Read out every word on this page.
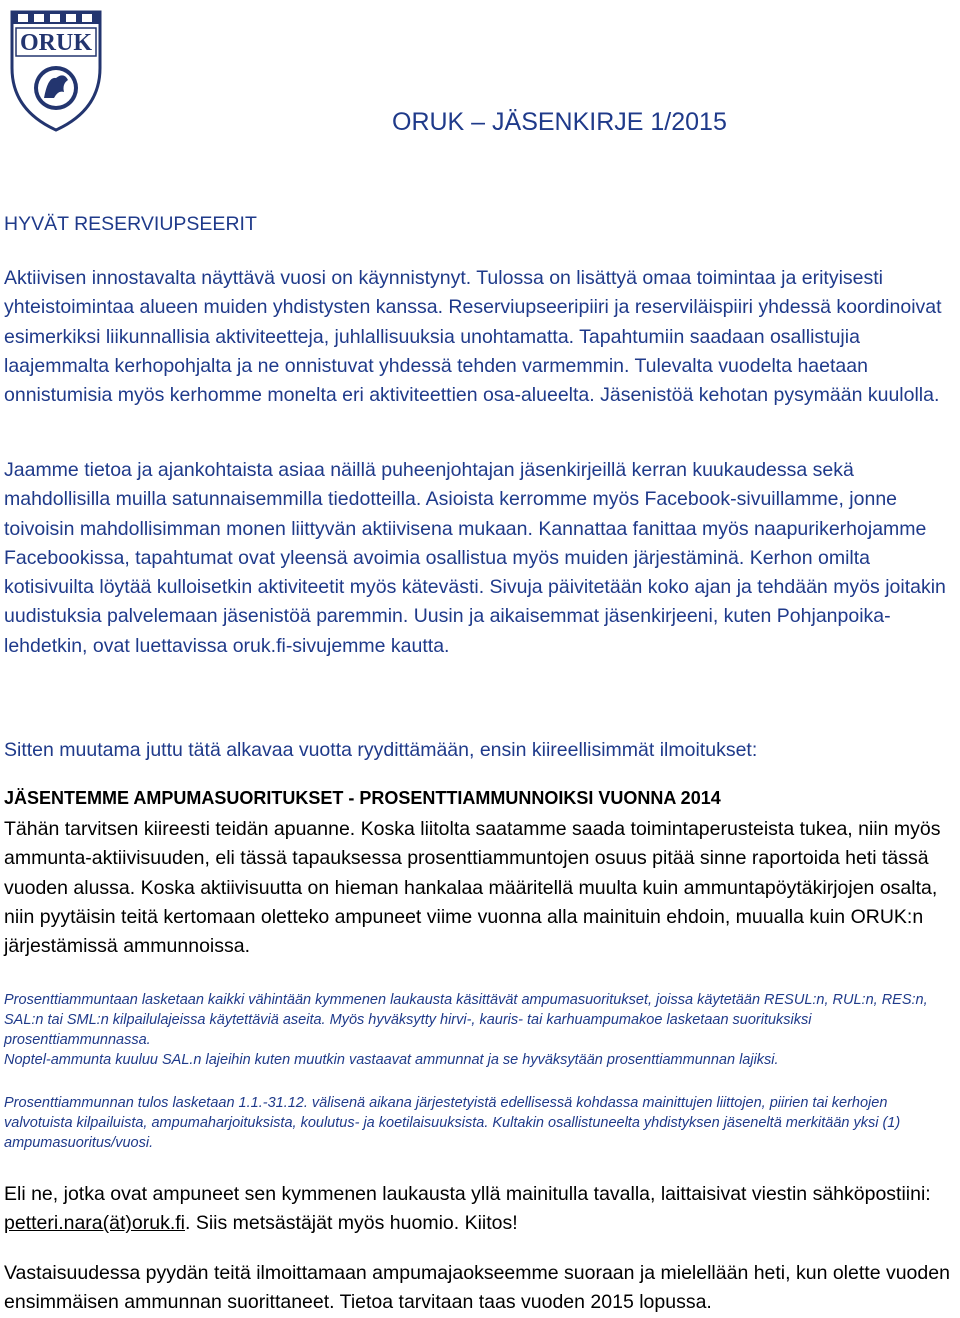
ORUK
ORUK – JÄSENKIRJE 1/2015
HYVÄT RESERVIUPSEERIT

Aktiivisen innostavalta näyttävä vuosi on käynnistynyt. Tulossa on lisättyä omaa toimintaa ja erityisesti yhteistoimintaa alueen muiden yhdistysten kanssa. Reserviupseeripiiri ja reserviläispiiri yhdessä koordinoivat esimerkiksi liikunnallisia aktiviteetteja, juhlallisuuksia unohtamatta. Tapahtumiin saadaan osallistujia laajemmalta kerhopohjalta ja ne onnistuvat yhdessä tehden varmemmin. Tulevalta vuodelta haetaan onnistumisia myös kerhomme monelta eri aktiviteettien osa-alueelta. Jäsenistöä kehotan pysymään kuulolla.

Jaamme tietoa ja ajankohtaista asiaa näillä puheenjohtajan jäsenkirjeillä kerran kuukaudessa sekä mahdollisilla muilla satunnaisemmilla tiedotteilla. Asioista kerromme myös Facebook-sivuillamme, jonne toivoisin mahdollisimman monen liittyvän aktiivisena mukaan. Kannattaa fanittaa myös naapurikerhojamme Facebookissa, tapahtumat ovat yleensä avoimia osallistua myös muiden järjestäminä. Kerhon omilta kotisivuilta löytää kulloisetkin aktiviteetit myös kätevästi. Sivuja päivitetään koko ajan ja tehdään myös joitakin uudistuksia palvelemaan jäsenistöä paremmin. Uusin ja aikaisemmat jäsenkirjeeni, kuten Pohjanpoika-lehdetkin, ovat luettavissa oruk.fi-sivujemme kautta.

Sitten muutama juttu tätä alkavaa vuotta ryydittämään, ensin kiireellisimmät ilmoitukset:

JÄSENTEMME AMPUMASUORITUKSET - PROSENTTIAMMUNNOIKSI VUONNA 2014

Tähän tarvitsen kiireesti teidän apuanne. Koska liitolta saatamme saada toimintaperusteista tukea, niin myös ammunta-aktiivisuuden, eli tässä tapauksessa prosenttiammuntojen osuus pitää sinne raportoida heti tässä vuoden alussa. Koska aktiivisuutta on hieman hankalaa määritellä muulta kuin ammuntapöytäkirjojen osalta, niin pyytäisin teitä kertomaan oletteko ampuneet viime vuonna alla mainituin ehdoin, muualla kuin ORUK:n järjestämissä ammunnoissa.

Prosenttiammuntaan lasketaan kaikki vähintään kymmenen laukausta käsittävät ampumasuoritukset, joissa käytetään RESUL:n, RUL:n, RES:n, SAL:n tai SML:n kilpailulajeissa käytettäviä aseita. Myös hyväksytty hirvi-, kauris- tai karhuampumakoe lasketaan suorituksiksi prosenttiammunnassa.
Noptel-ammunta kuuluu SAL.n lajeihin kuten muutkin vastaavat ammunnat ja se hyväksytään prosenttiammunnan lajiksi.
Prosenttiammunnan tulos lasketaan 1.1.-31.12. välisenä aikana järjestetyistä edellisessä kohdassa mainittujen liittojen, piirien tai kerhojen valvotuista kilpailuista, ampumaharjoituksista, koulutus- ja koetilaisuuksista. Kultakin osallistuneelta yhdistyksen jäseneltä merkitään yksi (1) ampumasuoritus/vuosi.

Eli ne, jotka ovat ampuneet sen kymmenen laukausta yllä mainitulla tavalla, laittaisivat viestin sähköpostiini: petteri.nara(ät)oruk.fi. Siis metsästäjät myös huomio. Kiitos!

Vastaisuudessa pyydän teitä ilmoittamaan ampumajaokseemme suoraan ja mielellään heti, kun olette vuoden ensimmäisen ammunnan suorittaneet. Tietoa tarvitaan taas vuoden 2015 lopussa.
